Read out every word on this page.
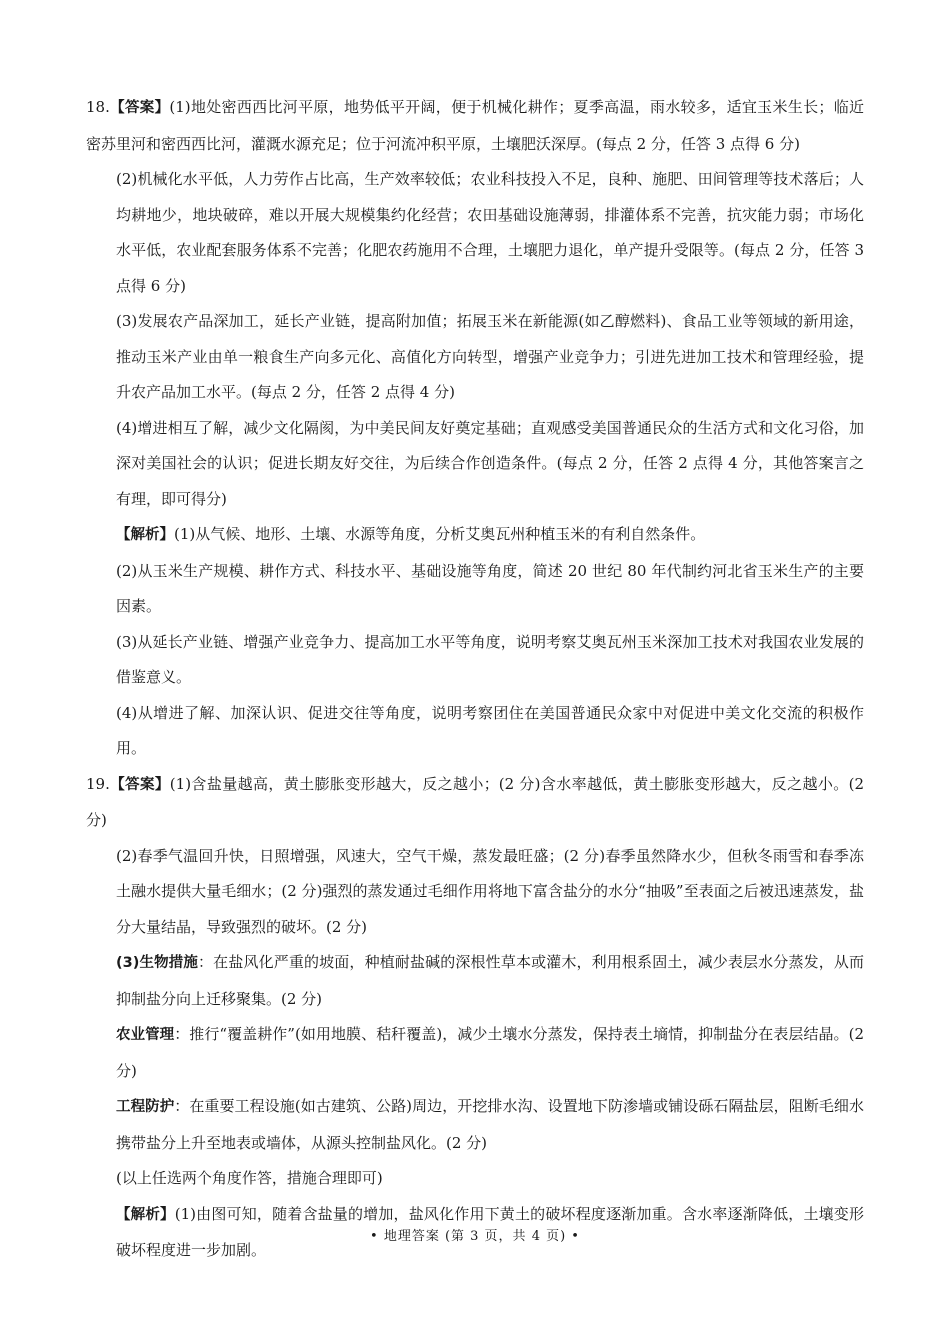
18.【答案】(1)地处密西西比河平原，地势低平开阔，便于机械化耕作；夏季高温，雨水较多，适宜玉米生长；临近密苏里河和密西西比河，灌溉水源充足；位于河流冲积平原，土壤肥沃深厚。(每点 2 分，任答 3 点得 6 分)

(2)机械化水平低，人力劳作占比高，生产效率较低；农业科技投入不足，良种、施肥、田间管理等技术落后；人均耕地少，地块破碎，难以开展大规模集约化经营；农田基础设施薄弱，排灌体系不完善，抗灾能力弱；市场化水平低，农业配套服务体系不完善；化肥农药施用不合理，土壤肥力退化，单产提升受限等。(每点 2 分，任答 3 点得 6 分)

(3)发展农产品深加工，延长产业链，提高附加值；拓展玉米在新能源(如乙醇燃料)、食品工业等领域的新用途，推动玉米产业由单一粮食生产向多元化、高值化方向转型，增强产业竞争力；引进先进加工技术和管理经验，提升农产品加工水平。(每点 2 分，任答 2 点得 4 分)

(4)增进相互了解，减少文化隔阂，为中美民间友好奠定基础；直观感受美国普通民众的生活方式和文化习俗，加深对美国社会的认识；促进长期友好交往，为后续合作创造条件。(每点 2 分，任答 2 点得 4 分，其他答案言之有理，即可得分)

【解析】(1)从气候、地形、土壤、水源等角度，分析艾奥瓦州种植玉米的有利自然条件。

(2)从玉米生产规模、耕作方式、科技水平、基础设施等角度，简述 20 世纪 80 年代制约河北省玉米生产的主要因素。

(3)从延长产业链、增强产业竞争力、提高加工水平等角度，说明考察艾奥瓦州玉米深加工技术对我国农业发展的借鉴意义。

(4)从增进了解、加深认识、促进交往等角度，说明考察团住在美国普通民众家中对促进中美文化交流的积极作用。

19.【答案】(1)含盐量越高，黄土膨胀变形越大，反之越小；(2 分)含水率越低，黄土膨胀变形越大，反之越小。(2 分)

(2)春季气温回升快，日照增强，风速大，空气干燥，蒸发最旺盛；(2 分)春季虽然降水少，但秋冬雨雪和春季冻土融水提供大量毛细水；(2 分)强烈的蒸发通过毛细作用将地下富含盐分的水分“抽吸”至表面之后被迅速蒸发，盐分大量结晶，导致强烈的破坏。(2 分)

(3)生物措施：在盐风化严重的坡面，种植耐盐碱的深根性草本或灌木，利用根系固土，减少表层水分蒸发，从而抑制盐分向上迁移聚集。(2 分)

农业管理：推行“覆盖耕作”(如用地膜、秸秆覆盖)，减少土壤水分蒸发，保持表土墒情，抑制盐分在表层结晶。(2 分)

工程防护：在重要工程设施(如古建筑、公路)周边，开挖排水沟、设置地下防渗墙或铺设砾石隔盐层，阻断毛细水携带盐分上升至地表或墙体，从源头控制盐风化。(2 分)

(以上任选两个角度作答，措施合理即可)

【解析】(1)由图可知，随着含盐量的增加，盐风化作用下黄土的破坏程度逐渐加重。含水率逐渐降低，土壤变形破坏程度进一步加剧。

• 地理答案 (第 3 页，共 4 页) •
